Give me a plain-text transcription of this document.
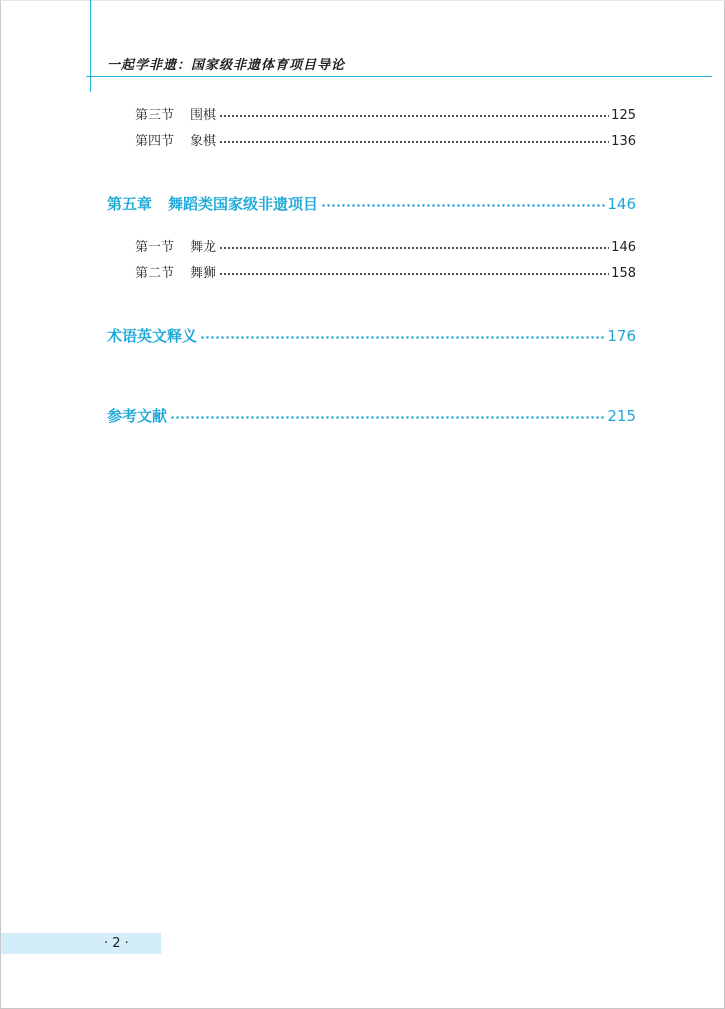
一起学非遗：国家级非遗体育项目导论
第三节 围棋	125
第四节 象棋	136
第五章 舞蹈类国家级非遗项目	146
第一节 舞龙	146
第二节 舞狮	158
术语英文释义	176
参考文献	215
· 2 ·
